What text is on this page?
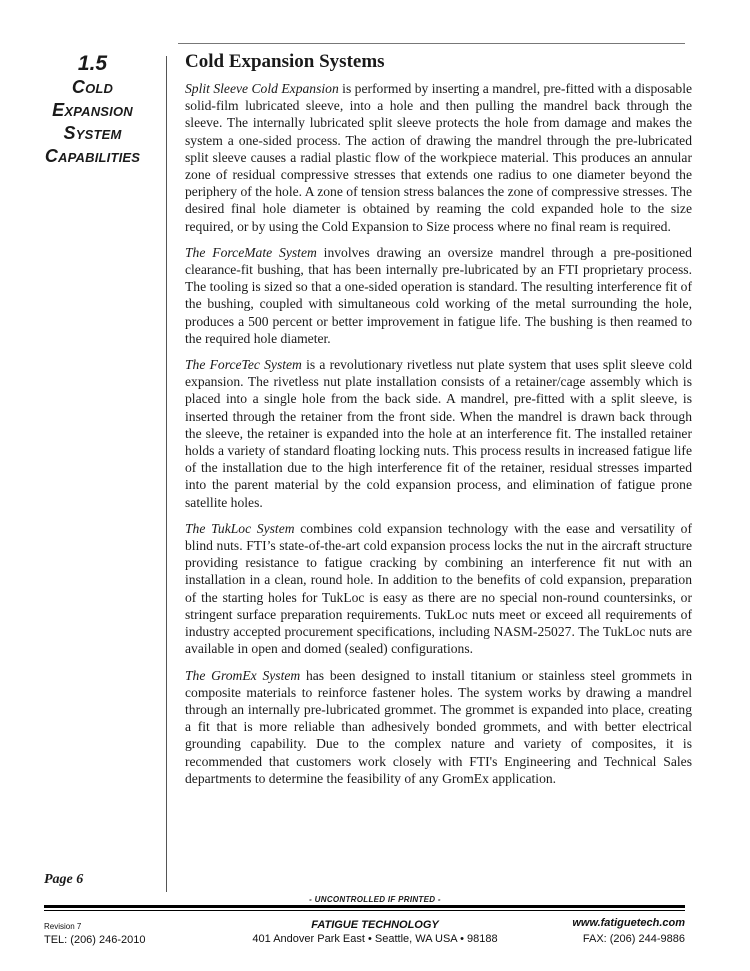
1.5
Cold
Expansion
System
Capabilities
Cold Expansion Systems

Split Sleeve Cold Expansion is performed by inserting a mandrel, pre-fitted with a disposable solid-film lubricated sleeve, into a hole and then pulling the mandrel back through the sleeve. The internally lubricated split sleeve protects the hole from damage and makes the system a one-sided process. The action of drawing the mandrel through the pre-lubricated split sleeve causes a radial plastic flow of the workpiece material. This produces an annular zone of residual compressive stresses that extends one radius to one diameter beyond the periphery of the hole. A zone of tension stress balances the zone of compressive stresses. The desired final hole diameter is obtained by reaming the cold expanded hole to the size required, or by using the Cold Expansion to Size process where no final ream is required.

The ForceMate System involves drawing an oversize mandrel through a pre-positioned clearance-fit bushing, that has been internally pre-lubricated by an FTI proprietary process. The tooling is sized so that a one-sided operation is standard. The resulting interference fit of the bushing, coupled with simultaneous cold working of the metal surrounding the hole, produces a 500 percent or better improvement in fatigue life. The bushing is then reamed to the required hole diameter.

The ForceTec System is a revolutionary rivetless nut plate system that uses split sleeve cold expansion. The rivetless nut plate installation consists of a retainer/cage assembly which is placed into a single hole from the back side. A mandrel, pre-fitted with a split sleeve, is inserted through the retainer from the front side. When the mandrel is drawn back through the sleeve, the retainer is expanded into the hole at an interference fit. The installed retainer holds a variety of standard floating locking nuts. This process results in increased fatigue life of the installation due to the high interference fit of the retainer, residual stresses imparted into the parent material by the cold expansion process, and elimination of fatigue prone satellite holes.

The TukLoc System combines cold expansion technology with the ease and versatility of blind nuts. FTI’s state-of-the-art cold expansion process locks the nut in the aircraft structure providing resistance to fatigue cracking by combining an interference fit nut with an installation in a clean, round hole. In addition to the benefits of cold expansion, preparation of the starting holes for TukLoc is easy as there are no special non-round countersinks, or stringent surface preparation requirements. TukLoc nuts meet or exceed all requirements of industry accepted procurement specifications, including NASM-25027. The TukLoc nuts are available in open and domed (sealed) configurations.

The GromEx System has been designed to install titanium or stainless steel grommets in composite materials to reinforce fastener holes. The system works by drawing a mandrel through an internally pre-lubricated grommet. The grommet is expanded into place, creating a fit that is more reliable than adhesively bonded grommets, and with better electrical grounding capability. Due to the complex nature and variety of composites, it is recommended that customers work closely with FTI's Engineering and Technical Sales departments to determine the feasibility of any GromEx application.

Page 6
- UNCONTROLLED IF PRINTED -
Revision 7
TEL: (206) 246-2010
FATIGUE TECHNOLOGY
401 Andover Park East • Seattle, WA USA • 98188
www.fatiguetech.com
FAX: (206) 244-9886
